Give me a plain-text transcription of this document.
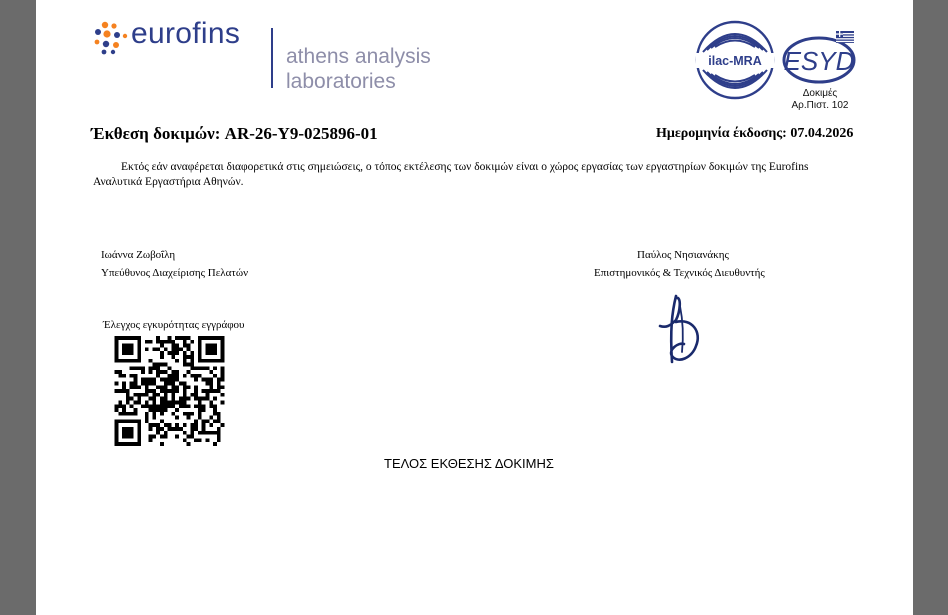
eurofins
athens analysis
laboratories
ilac-MRA ESYD
Δοκιμές
Αρ.Πιστ. 102
Έκθεση δοκιμών: AR-26-Y9-025896-01	Ημερομηνία έκδοσης: 07.04.2026
Εκτός εάν αναφέρεται διαφορετικά στις σημειώσεις, ο τόπος εκτέλεσης των δοκιμών είναι ο χώρος εργασίας των εργαστηρίων δοκιμών της Eurofins Αναλυτικά Εργαστήρια Αθηνών.
Ιωάννα Ζωβοΐλη
Υπεύθυνος Διαχείρισης Πελατών
Παύλος Νησιανάκης
Επιστημονικός & Τεχνικός Διευθυντής
Έλεγχος εγκυρότητας εγγράφου
ΤΕΛΟΣ ΕΚΘΕΣΗΣ ΔΟΚΙΜΗΣ
